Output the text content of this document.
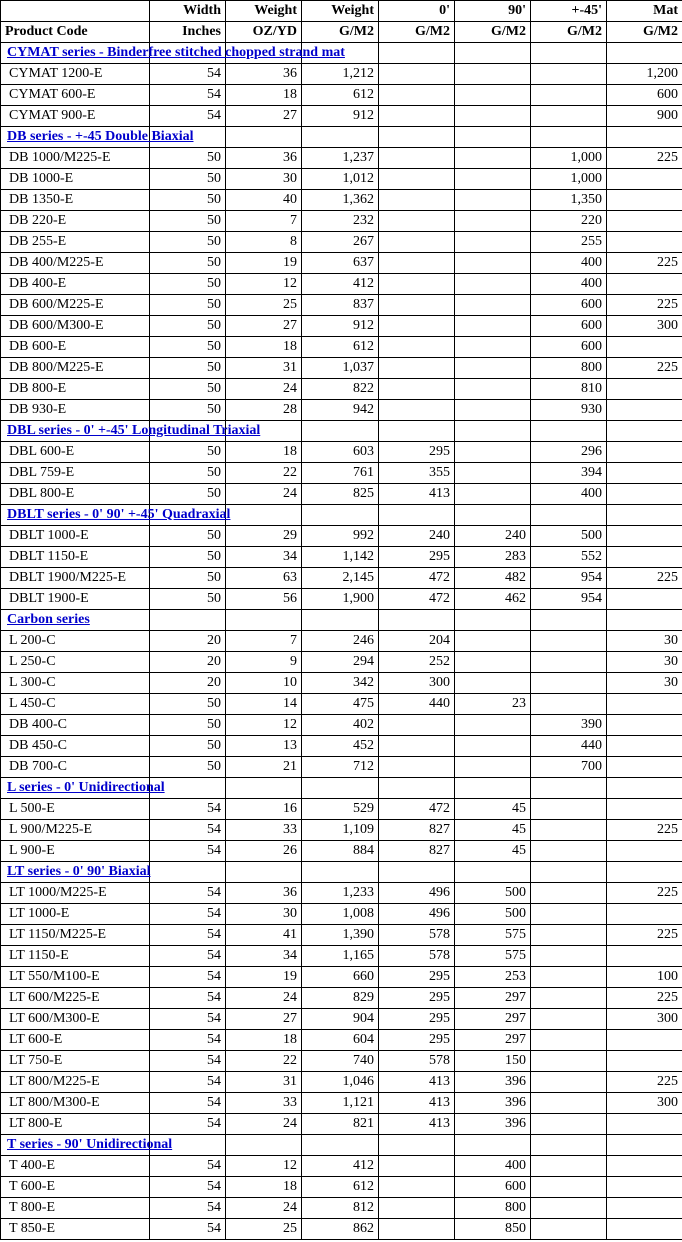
	Width	Weight	Weight	0'	90'	+-45'	Mat
Product Code	Inches	OZ/YD	G/M2	G/M2	G/M2	G/M2	G/M2
CYMAT series - Binderfree stitched chopped strand mat							
CYMAT 1200-E	54	36	1,212				1,200
CYMAT 600-E	54	18	612				600
CYMAT 900-E	54	27	912				900
DB series - +-45 Double Biaxial							
DB 1000/M225-E	50	36	1,237			1,000	225
DB 1000-E	50	30	1,012			1,000	
DB 1350-E	50	40	1,362			1,350	
DB 220-E	50	7	232			220	
DB 255-E	50	8	267			255	
DB 400/M225-E	50	19	637			400	225
DB 400-E	50	12	412			400	
DB 600/M225-E	50	25	837			600	225
DB 600/M300-E	50	27	912			600	300
DB 600-E	50	18	612			600	
DB 800/M225-E	50	31	1,037			800	225
DB 800-E	50	24	822			810	
DB 930-E	50	28	942			930	
DBL series - 0' +-45' Longitudinal Triaxial							
DBL 600-E	50	18	603	295		296	
DBL 759-E	50	22	761	355		394	
DBL 800-E	50	24	825	413		400	
DBLT series - 0' 90' +-45' Quadraxial							
DBLT 1000-E	50	29	992	240	240	500	
DBLT 1150-E	50	34	1,142	295	283	552	
DBLT 1900/M225-E	50	63	2,145	472	482	954	225
DBLT 1900-E	50	56	1,900	472	462	954	
Carbon series							
L 200-C	20	7	246	204			30
L 250-C	20	9	294	252			30
L 300-C	20	10	342	300			30
L 450-C	50	14	475	440	23		
DB 400-C	50	12	402			390	
DB 450-C	50	13	452			440	
DB 700-C	50	21	712			700	
L series - 0' Unidirectional							
L 500-E	54	16	529	472	45		
L 900/M225-E	54	33	1,109	827	45		225
L 900-E	54	26	884	827	45		
LT series - 0' 90' Biaxial							
LT 1000/M225-E	54	36	1,233	496	500		225
LT 1000-E	54	30	1,008	496	500		
LT 1150/M225-E	54	41	1,390	578	575		225
LT 1150-E	54	34	1,165	578	575		
LT 550/M100-E	54	19	660	295	253		100
LT 600/M225-E	54	24	829	295	297		225
LT 600/M300-E	54	27	904	295	297		300
LT 600-E	54	18	604	295	297		
LT 750-E	54	22	740	578	150		
LT 800/M225-E	54	31	1,046	413	396		225
LT 800/M300-E	54	33	1,121	413	396		300
LT 800-E	54	24	821	413	396		
T series - 90' Unidirectional							
T 400-E	54	12	412		400		
T 600-E	54	18	612		600		
T 800-E	54	24	812		800		
T 850-E	54	25	862		850		
